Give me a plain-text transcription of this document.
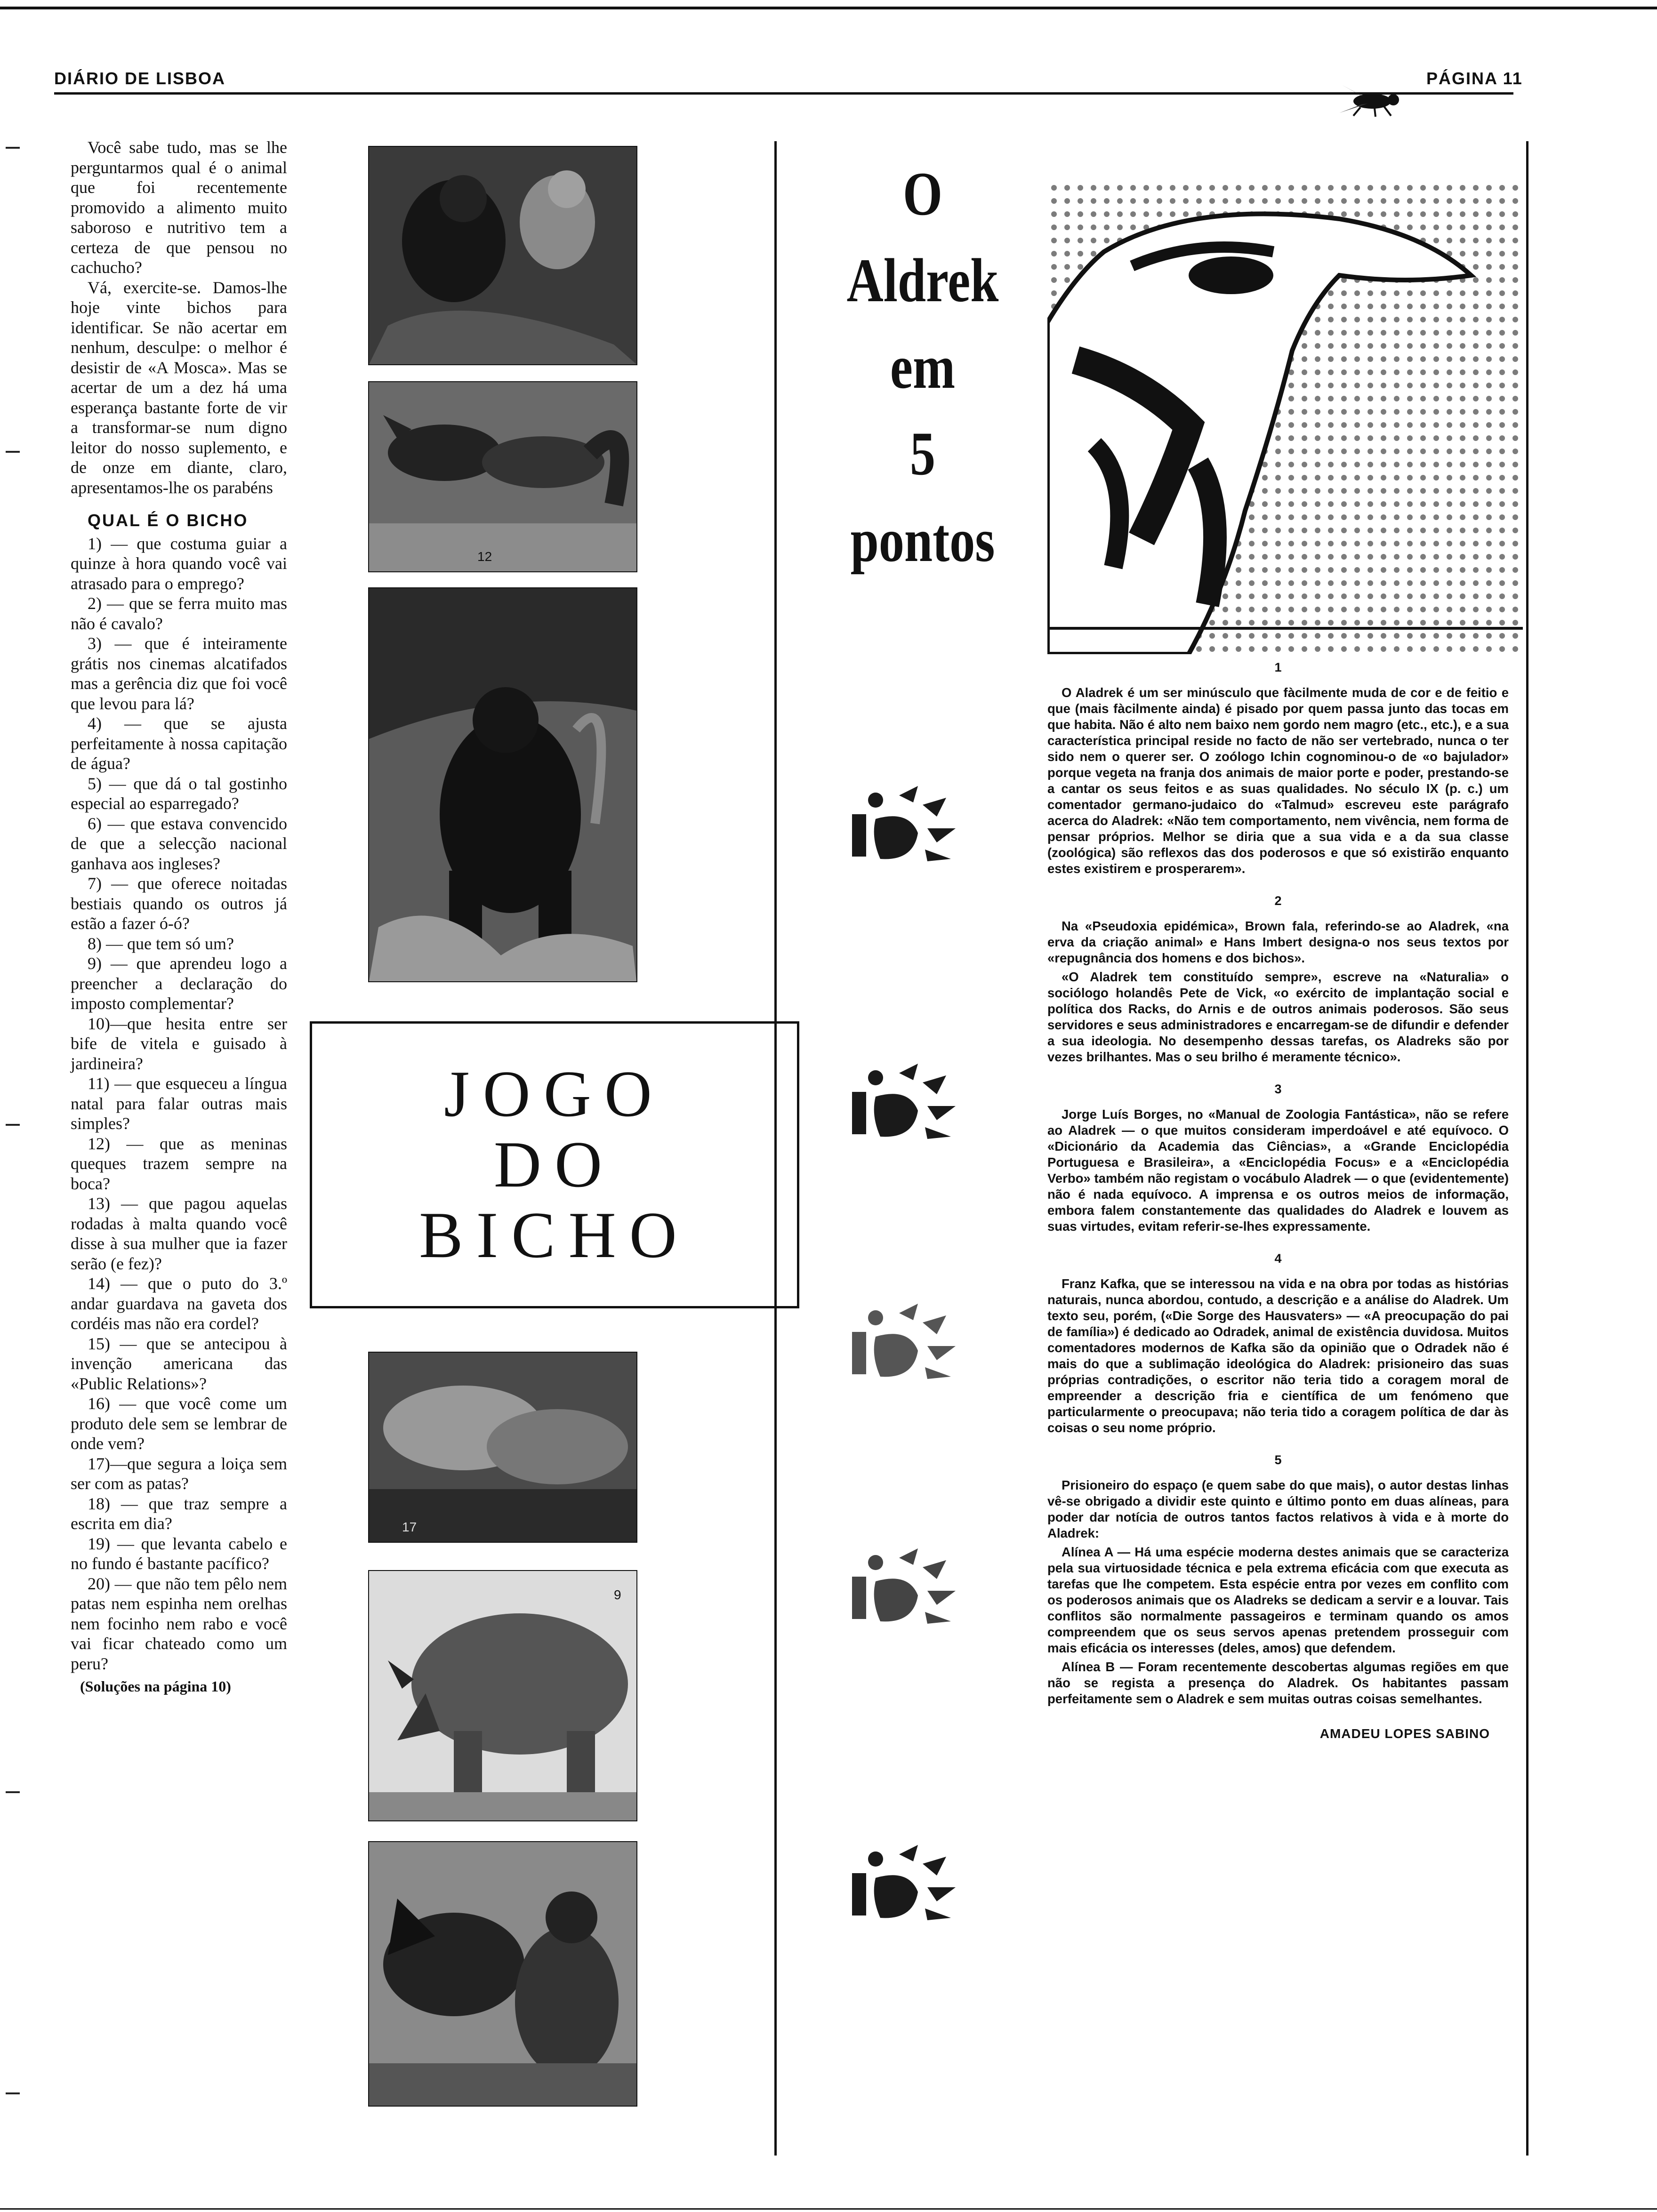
DIÁRIO DE LISBOA	PÁGINA 11

Você sabe tudo, mas se lhe perguntarmos qual é o animal que foi recentemente promovido a alimento muito saboroso e nutritivo tem a certeza de que pensou no cachucho?

Vá, exercite-se. Damos-lhe hoje vinte bichos para identificar. Se não acertar em nenhum, desculpe: o melhor é desistir de «A Mosca». Mas se acertar de um a dez há uma esperança bastante forte de vir a transformar-se num digno leitor do nosso suplemento, e de onze em diante, claro, apresentamos-lhe os parabéns

QUAL É O BICHO

1) — que costuma guiar a quinze à hora quando você vai atrasado para o emprego?

2) — que se ferra muito mas não é cavalo?

3) — que é inteiramente grátis nos cinemas alcatifados mas a gerência diz que foi você que levou para lá?

4) — que se ajusta perfeitamente à nossa capitação de água?

5) — que dá o tal gostinho especial ao esparregado?

6) — que estava convencido de que a selecção nacional ganhava aos ingleses?

7) — que oferece noitadas bestiais quando os outros já estão a fazer ó-ó?

8) — que tem só um?

9) — que aprendeu logo a preencher a declaração do imposto complementar?

10)—que hesita entre ser bife de vitela e guisado à jardineira?

11) — que esqueceu a língua natal para falar outras mais simples?

12) — que as meninas queques trazem sempre na boca?

13) — que pagou aquelas rodadas à malta quando você disse à sua mulher que ia fazer serão (e fez)?

14) — que o puto do 3.º andar guardava na gaveta dos cordéis mas não era cordel?

15) — que se antecipou à invenção americana das «Public Relations»?

16) — que você come um produto dele sem se lembrar de onde vem?

17)—que segura a loiça sem ser com as patas?

18) — que traz sempre a escrita em dia?

19) — que levanta cabelo e no fundo é bastante pacífico?

20) — que não tem pêlo nem patas nem espinha nem orelhas nem focinho nem rabo e você vai ficar chateado como um peru?

(Soluções na página 10)
12
17
9
JOGO
DO
BICHO
O
Aldrek
em
5
pontos
1

O Aladrek é um ser minúsculo que fàcilmente muda de cor e de feitio e que (mais fàcilmente ainda) é pisado por quem passa junto das tocas em que habita. Não é alto nem baixo nem gordo nem magro (etc., etc.), e a sua característica principal reside no facto de não ser vertebrado, nunca o ter sido nem o querer ser. O zoólogo Ichin cognominou-o de «o bajulador» porque vegeta na franja dos animais de maior porte e poder, prestando-se a cantar os seus feitos e as suas qualidades. No século IX (p. c.) um comentador germano-judaico do «Talmud» escreveu este parágrafo acerca do Aladrek: «Não tem comportamento, nem vivência, nem forma de pensar próprios. Melhor se diria que a sua vida e a da sua classe (zoológica) são reflexos das dos poderosos e que só existirão enquanto estes existirem e prosperarem».

2

Na «Pseudoxia epidémica», Brown fala, referindo-se ao Aladrek, «na erva da criação animal» e Hans Imbert designa-o nos seus textos por «repugnância dos homens e dos bichos».

«O Aladrek tem constituído sempre», escreve na «Naturalia» o sociólogo holandês Pete de Vick, «o exército de implantação social e política dos Racks, do Arnis e de outros animais poderosos. São seus servidores e seus administradores e encarregam-se de difundir e defender a sua ideologia. No desempenho dessas tarefas, os Aladreks são por vezes brilhantes. Mas o seu brilho é meramente técnico».

3

Jorge Luís Borges, no «Manual de Zoologia Fantástica», não se refere ao Aladrek — o que muitos consideram imperdoável e até equívoco. O «Dicionário da Academia das Ciências», a «Grande Enciclopédia Portuguesa e Brasileira», a «Enciclopédia Focus» e a «Enciclopédia Verbo» também não registam o vocábulo Aladrek — o que (evidentemente) não é nada equívoco. A imprensa e os outros meios de informação, embora falem constantemente das qualidades do Aladrek e louvem as suas virtudes, evitam referir-se-lhes expressamente.

4

Franz Kafka, que se interessou na vida e na obra por todas as histórias naturais, nunca abordou, contudo, a descrição e a análise do Aladrek. Um texto seu, porém, («Die Sorge des Hausvaters» — «A preocupação do pai de família») é dedicado ao Odradek, animal de existência duvidosa. Muitos comentadores modernos de Kafka são da opinião que o Odradek não é mais do que a sublimação ideológica do Aladrek: prisioneiro das suas próprias contradições, o escritor não teria tido a coragem moral de empreender a descrição fria e científica de um fenómeno que particularmente o preocupava; não teria tido a coragem política de dar às coisas o seu nome próprio.

5

Prisioneiro do espaço (e quem sabe do que mais), o autor destas linhas vê-se obrigado a dividir este quinto e último ponto em duas alíneas, para poder dar notícia de outros tantos factos relativos à vida e à morte do Aladrek:

Alínea A — Há uma espécie moderna destes animais que se caracteriza pela sua virtuosidade técnica e pela extrema eficácia com que executa as tarefas que lhe competem. Esta espécie entra por vezes em conflito com os poderosos animais que os Aladreks se dedicam a servir e a louvar. Tais conflitos são normalmente passageiros e terminam quando os amos compreendem que os seus servos apenas pretendem prosseguir com mais eficácia os interesses (deles, amos) que defendem.

Alínea B — Foram recentemente descobertas algumas regiões em que não se regista a presença do Aladrek. Os habitantes passam perfeitamente sem o Aladrek e sem muitas outras coisas semelhantes.

AMADEU LOPES SABINO
